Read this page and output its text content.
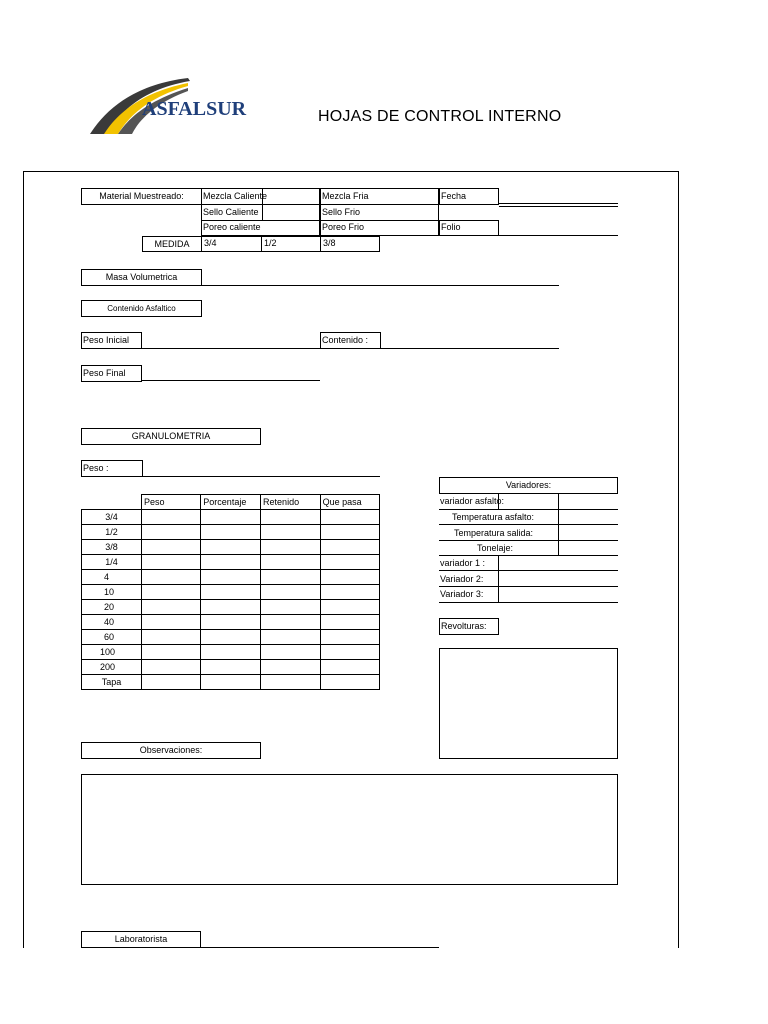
ASFALSUR	HOJAS DE CONTROL INTERNO
Material Muestreado:	Mezcla Caliente	Mezcla Fria	Fecha
Sello Caliente	Sello Frio
Poreo caliente	Poreo Frio	Folio
MEDIDA	3/4	1/2	3/8
Masa Volumetrica
Contenido Asfaltico
Peso Inicial	Contenido :
Peso Final
GRANULOMETRIA
Peso :
	Peso	Porcentaje	Retenido	Que pasa
3/4				
1/2				
3/8				
1/4				
4				
10				
20				
40				
60				
100				
200				
Tapa				
Variadores:
variador asfalto:
Temperatura asfalto:
Temperatura salida:
Tonelaje:
variador 1 :
Variador 2:
Variador 3:
Revolturas:
Observaciones:
Laboratorista
